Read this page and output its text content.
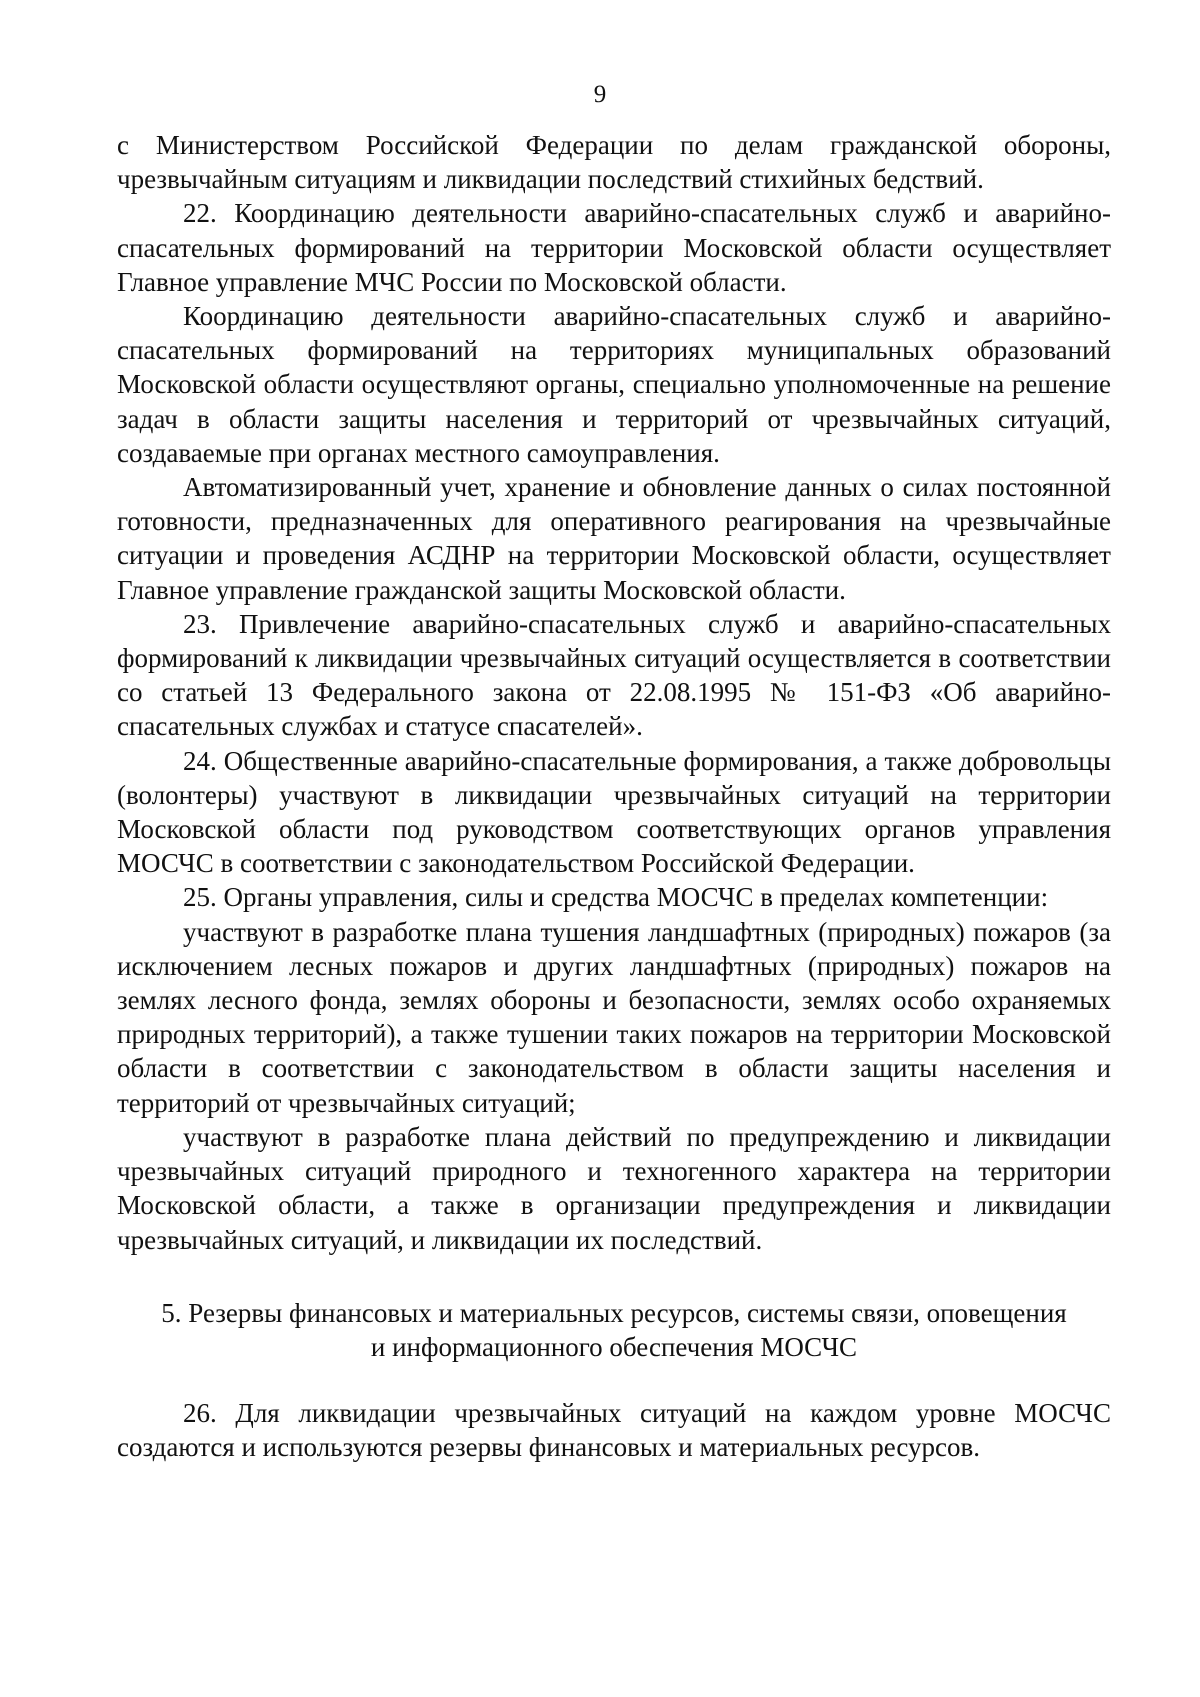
9

с Министерством Российской Федерации по делам гражданской обороны, чрезвычайным ситуациям и ликвидации последствий стихийных бедствий.

22. Координацию деятельности аварийно-спасательных служб и аварийно-спасательных формирований на территории Московской области осуществляет Главное управление МЧС России по Московской области.

Координацию деятельности аварийно-спасательных служб и аварийно-спасательных формирований на территориях муниципальных образований Московской области осуществляют органы, специально уполномоченные на решение задач в области защиты населения и территорий от чрезвычайных ситуаций, создаваемые при органах местного самоуправления.

Автоматизированный учет, хранение и обновление данных о силах постоянной готовности, предназначенных для оперативного реагирования на чрезвычайные ситуации и проведения АСДНР на территории Московской области, осуществляет Главное управление гражданской защиты Московской области.

23. Привлечение аварийно-спасательных служб и аварийно-спасательных формирований к ликвидации чрезвычайных ситуаций осуществляется в соответствии со статьей 13 Федерального закона от 22.08.1995 № 151-ФЗ «Об аварийно-спасательных службах и статусе спасателей».

24. Общественные аварийно-спасательные формирования, а также добровольцы (волонтеры) участвуют в ликвидации чрезвычайных ситуаций на территории Московской области под руководством соответствующих органов управления МОСЧС в соответствии с законодательством Российской Федерации.

25. Органы управления, силы и средства МОСЧС в пределах компетенции:

участвуют в разработке плана тушения ландшафтных (природных) пожаров (за исключением лесных пожаров и других ландшафтных (природных) пожаров на землях лесного фонда, землях обороны и безопасности, землях особо охраняемых природных территорий), а также тушении таких пожаров на территории Московской области в соответствии с законодательством в области защиты населения и территорий от чрезвычайных ситуаций;

участвуют в разработке плана действий по предупреждению и ликвидации чрезвычайных ситуаций природного и техногенного характера на территории Московской области, а также в организации предупреждения и ликвидации чрезвычайных ситуаций, и ликвидации их последствий.

5. Резервы финансовых и материальных ресурсов, системы связи, оповещения
и информационного обеспечения МОСЧС

26. Для ликвидации чрезвычайных ситуаций на каждом уровне МОСЧС создаются и используются резервы финансовых и материальных ресурсов.
